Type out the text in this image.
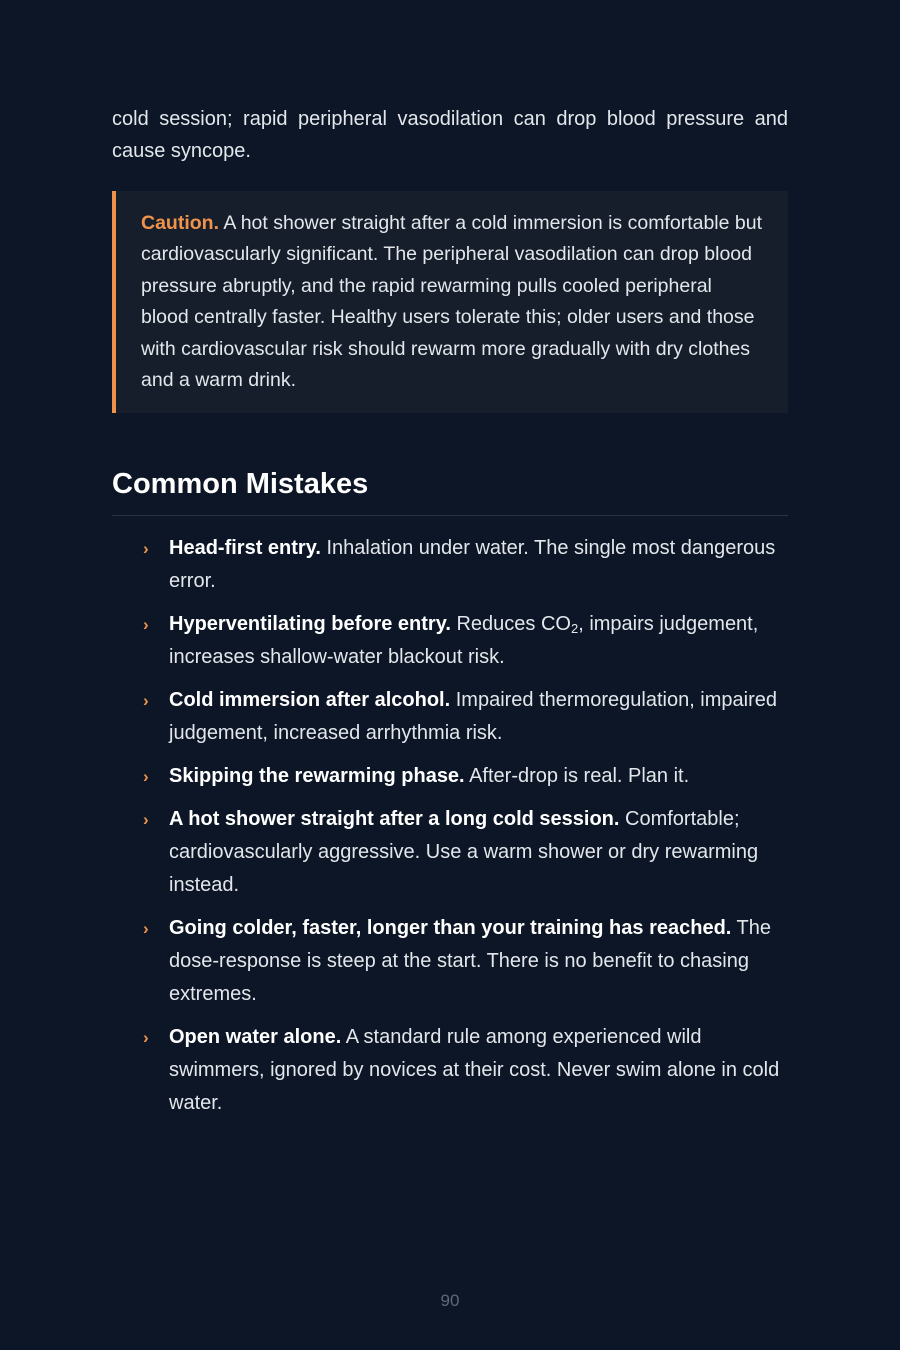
cold session; rapid peripheral vasodilation can drop blood pressure and cause syncope.

Caution. A hot shower straight after a cold immersion is comfortable but cardiovascularly significant. The peripheral vasodilation can drop blood pressure abruptly, and the rapid rewarming pulls cooled peripheral blood centrally faster. Healthy users tolerate this; older users and those with cardiovascular risk should rewarm more gradually with dry clothes and a warm drink.
Common Mistakes
› Head-first entry. Inhalation under water. The single most dangerous error.
› Hyperventilating before entry. Reduces $CO_2$, impairs judgement, increases shallow-water blackout risk.
› Cold immersion after alcohol. Impaired thermoregulation, impaired judgement, increased arrhythmia risk.
› Skipping the rewarming phase. After-drop is real. Plan it.
› A hot shower straight after a long cold session. Comfortable; cardiovascularly aggressive. Use a warm shower or dry rewarming instead.
› Going colder, faster, longer than your training has reached. The dose-response is steep at the start. There is no benefit to chasing extremes.
› Open water alone. A standard rule among experienced wild swimmers, ignored by novices at their cost. Never swim alone in cold water.
90
